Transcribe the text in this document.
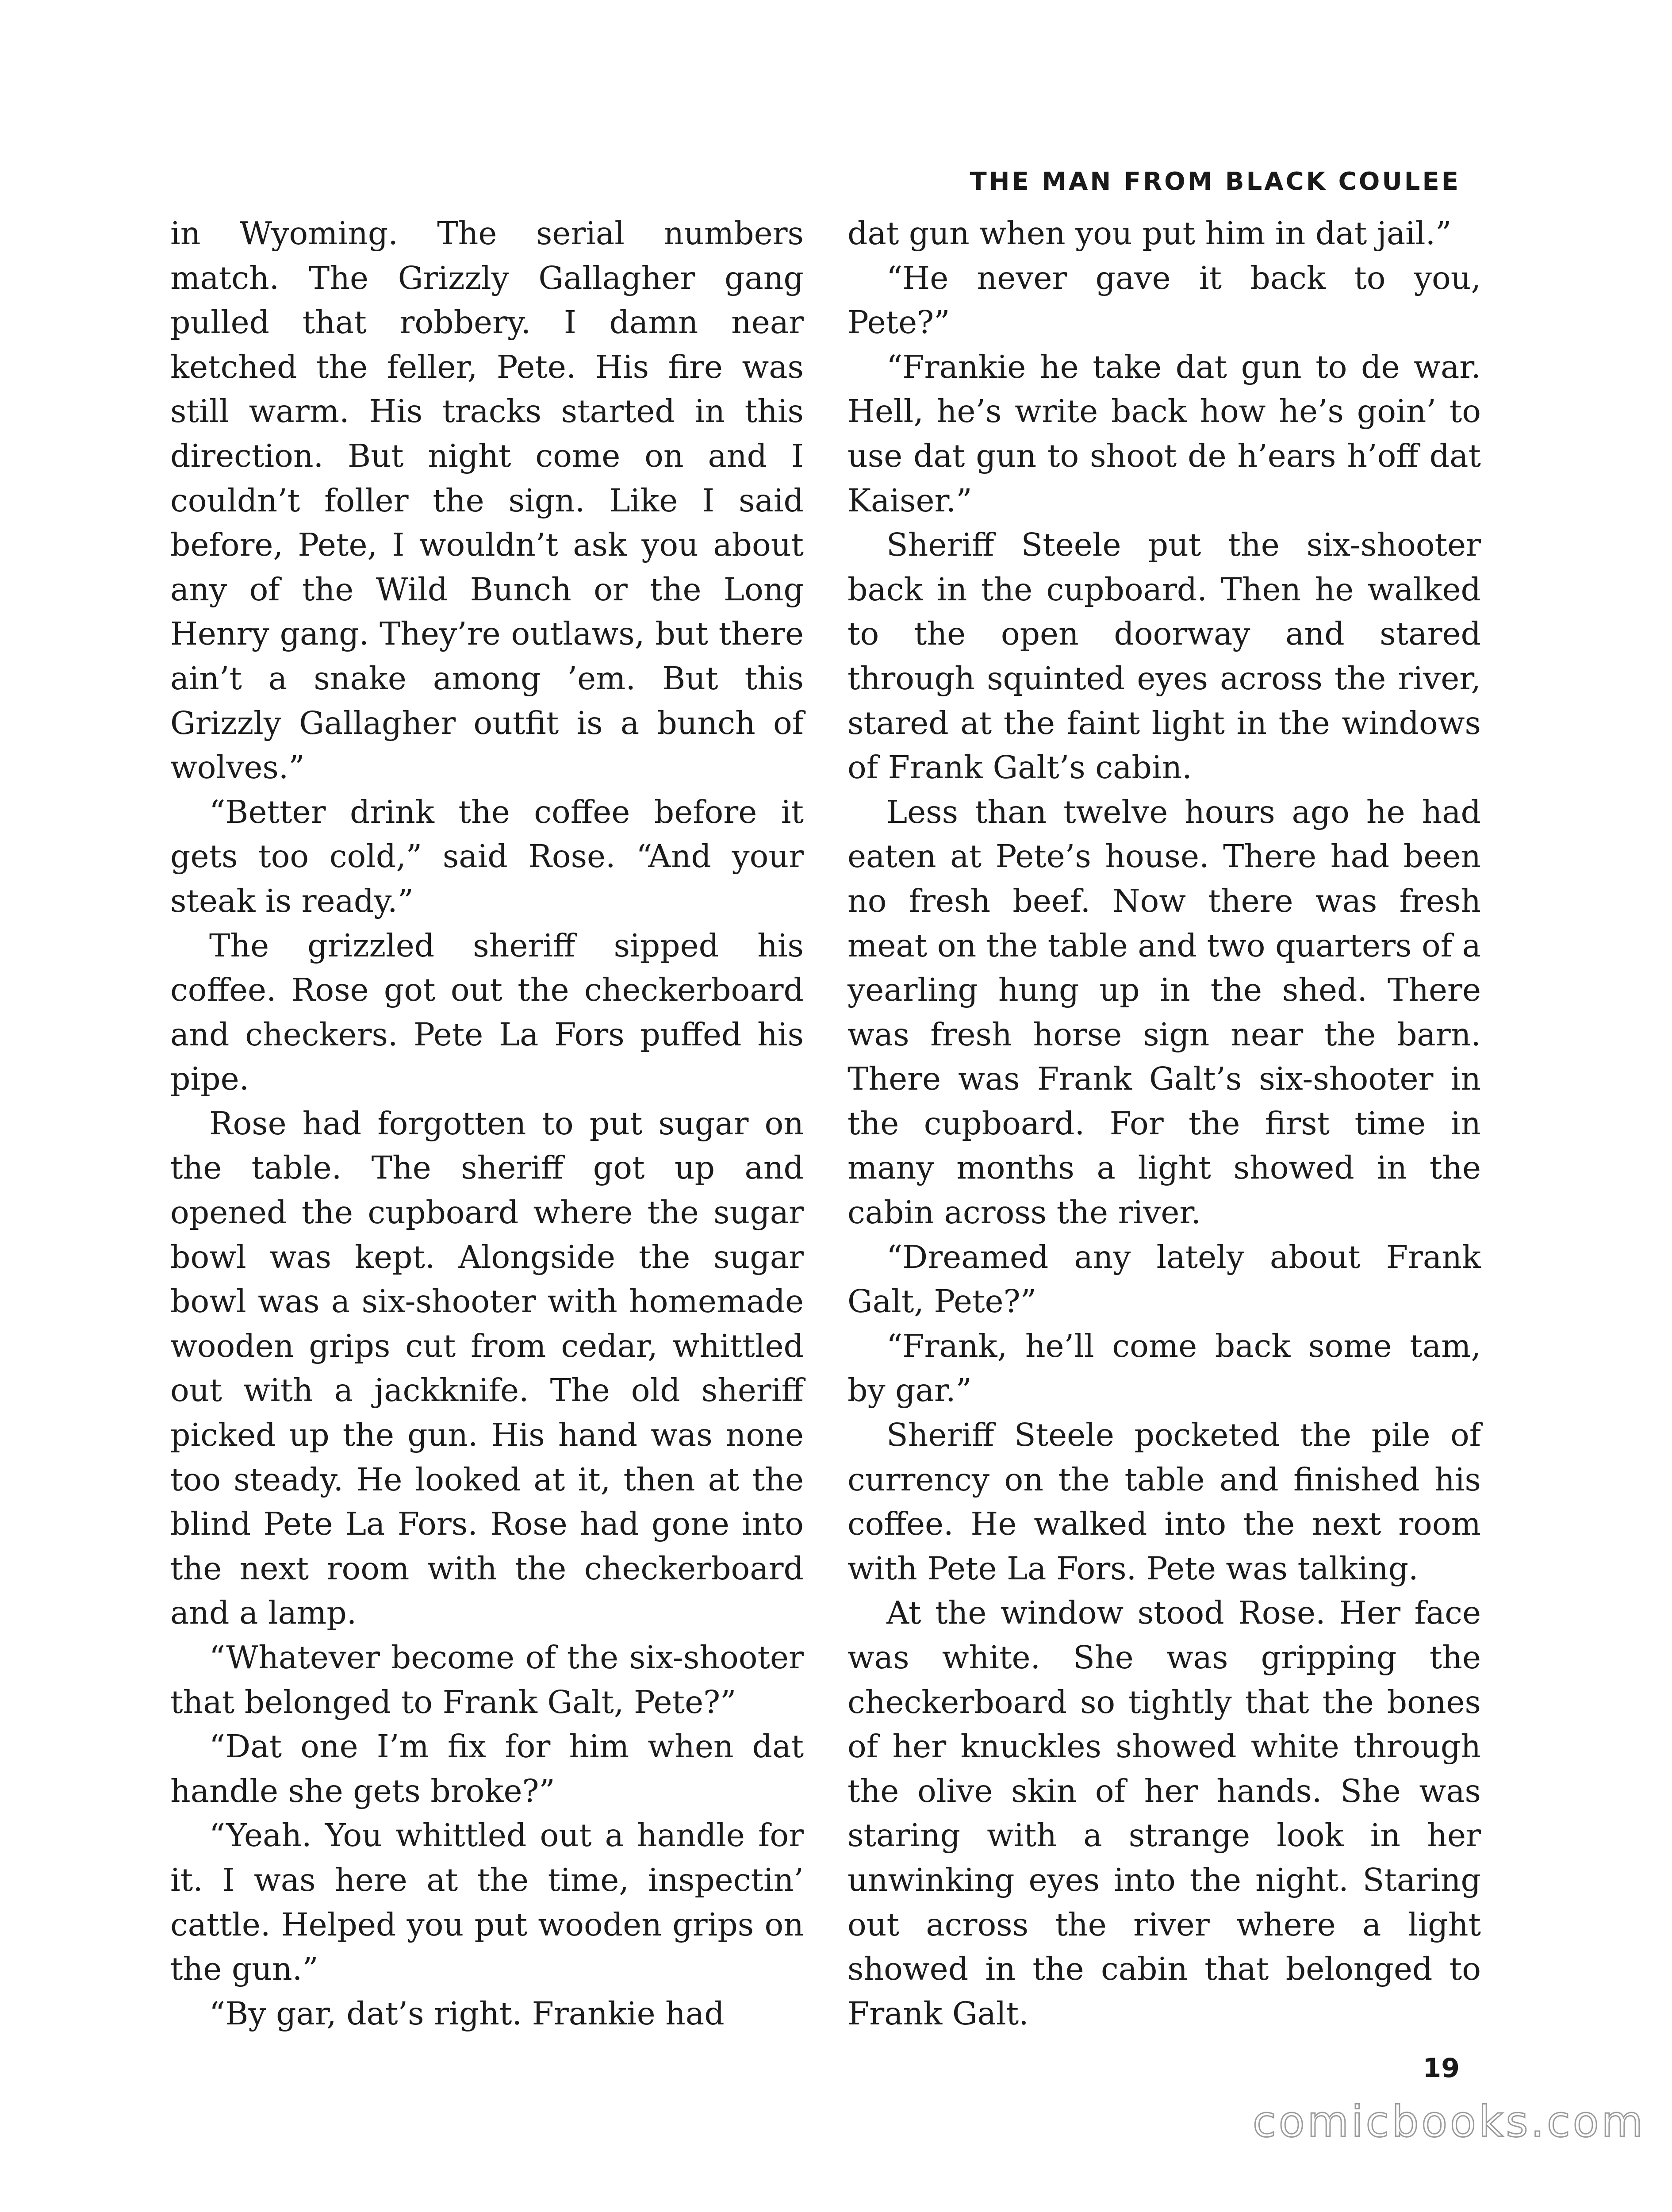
THE MAN FROM BLACK COULEE

in Wyoming. The serial numbers match. The Grizzly Gallagher gang pulled that robbery. I damn near ketched the feller, Pete. His fire was still warm. His tracks started in this direction. But night come on and I couldn’t foller the sign. Like I said before, Pete, I wouldn’t ask you about any of the Wild Bunch or the Long Henry gang. They’re outlaws, but there ain’t a snake among ’em. But this Grizzly Gallagher outfit is a bunch of wolves.”

“Better drink the coffee before it gets too cold,” said Rose. “And your steak is ready.”

The grizzled sheriff sipped his coffee. Rose got out the checkerboard and checkers. Pete La Fors puffed his pipe.

Rose had forgotten to put sugar on the table. The sheriff got up and opened the cupboard where the sugar bowl was kept. Alongside the sugar bowl was a six-shooter with homemade wooden grips cut from cedar, whittled out with a jackknife. The old sheriff picked up the gun. His hand was none too steady. He looked at it, then at the blind Pete La Fors. Rose had gone into the next room with the checkerboard and a lamp.

“Whatever become of the six-shooter that belonged to Frank Galt, Pete?”

“Dat one I’m fix for him when dat handle she gets broke?”

“Yeah. You whittled out a handle for it. I was here at the time, inspectin’ cattle. Helped you put wooden grips on the gun.”

“By gar, dat’s right. Frankie had

dat gun when you put him in dat jail.”

“He never gave it back to you, Pete?”

“Frankie he take dat gun to de war. Hell, he’s write back how he’s goin’ to use dat gun to shoot de h’ears h’off dat Kaiser.”

Sheriff Steele put the six-shooter back in the cupboard. Then he walked to the open doorway and stared through squinted eyes across the river, stared at the faint light in the windows of Frank Galt’s cabin.

Less than twelve hours ago he had eaten at Pete’s house. There had been no fresh beef. Now there was fresh meat on the table and two quarters of a yearling hung up in the shed. There was fresh horse sign near the barn. There was Frank Galt’s six-shooter in the cupboard. For the first time in many months a light showed in the cabin across the river.

“Dreamed any lately about Frank Galt, Pete?”

“Frank, he’ll come back some tam, by gar.”

Sheriff Steele pocketed the pile of currency on the table and finished his coffee. He walked into the next room with Pete La Fors. Pete was talking.

At the window stood Rose. Her face was white. She was gripping the checkerboard so tightly that the bones of her knuckles showed white through the olive skin of her hands. She was staring with a strange look in her unwinking eyes into the night. Staring out across the river where a light showed in the cabin that belonged to Frank Galt.

19
comicbooks.com
